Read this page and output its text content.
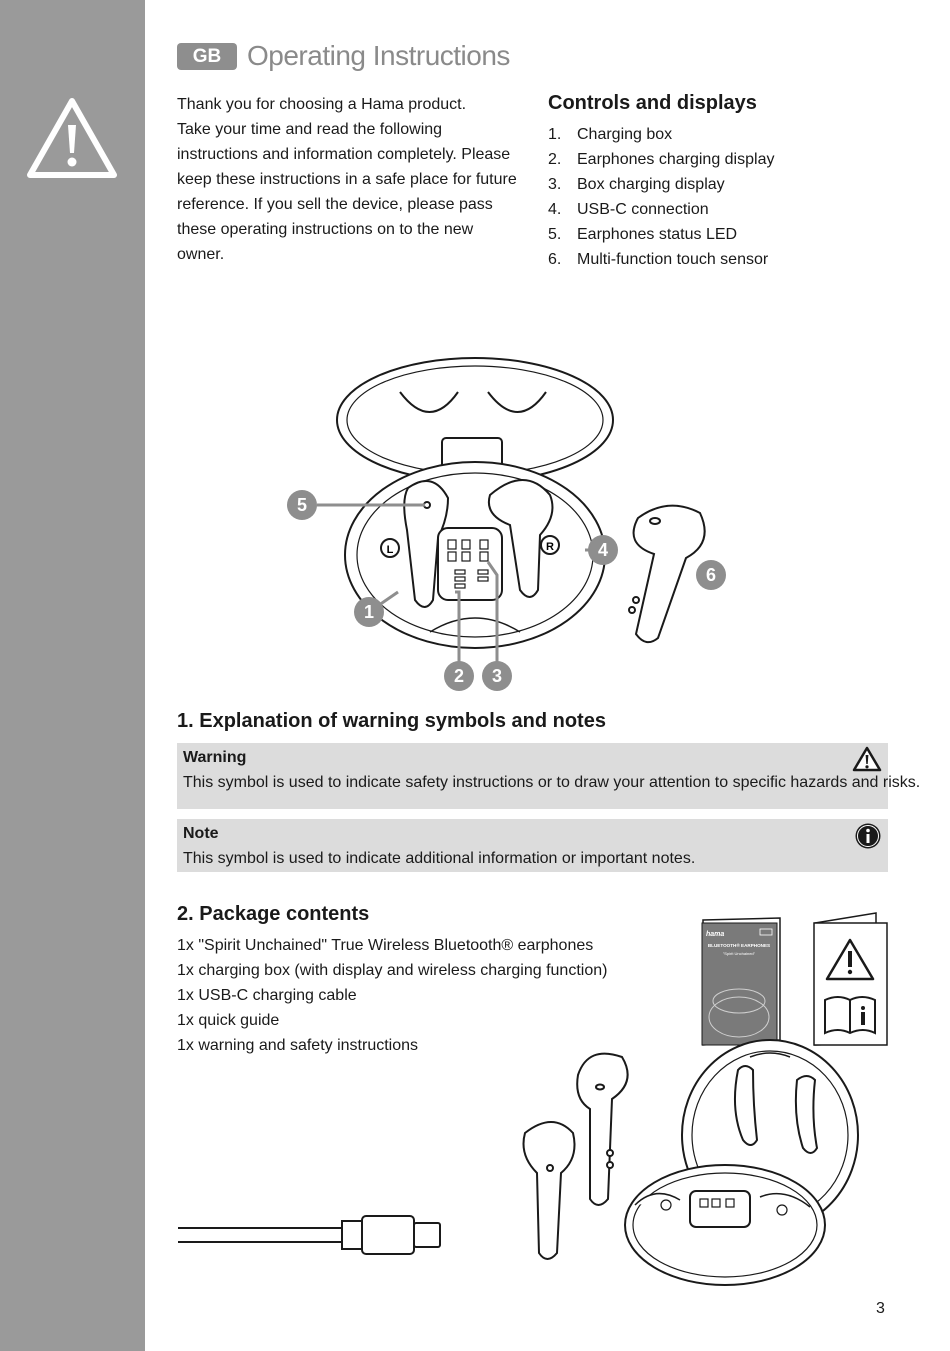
GB Operating Instructions

Thank you for choosing a Hama product.

Take your time and read the following instructions and information completely. Please keep these instructions in a safe place for future reference. If you sell the device, please pass these operating instructions on to the new owner.

Controls and displays
1. Charging box
2. Earphones charging display
3. Box charging display
4. USB-C connection
5. Earphones status LED
6. Multi-function touch sensor
L	R
1
2 3
4
5
6
1. Explanation of warning symbols and notes
Warning
This symbol is used to indicate safety instructions or to draw your attention to specific hazards and risks.
Note
This symbol is used to indicate additional information or important notes.
2. Package contents
1x "Spirit Unchained" True Wireless Bluetooth® earphones
1x charging box (with display and wireless charging function)
1x USB-C charging cable
1x quick guide
1x warning and safety instructions
hama
BLUETOOTH® EARPHONES
"Spirit Unchained"
3
